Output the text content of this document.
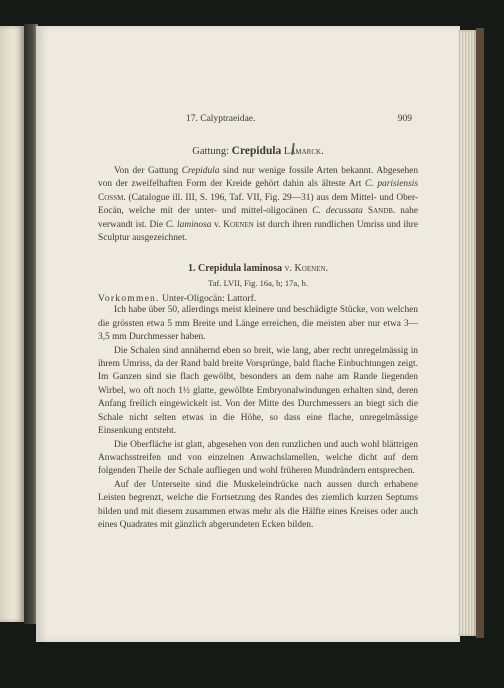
17. Calyptraeidae.	909
Gattung: Crepidula Lamarck.

Von der Gattung Crepidula sind nur wenige fossile Arten bekannt. Abgesehen von der zweifelhaften Form der Kreide gehört dahin als älteste Art C. parisiensis Cossm. (Catalogue ill. III, S. 196, Taf. VII, Fig. 29—31) aus dem Mittel- und Ober-Eocän, welche mit der unter- und mittel-oligocänen C. decussata Sandb. nahe verwandt ist. Die C. laminosa v. Koenen ist durch ihren rundlichen Umriss und ihre Sculptur ausgezeichnet.

1. Crepidula laminosa v. Koenen.
Taf. LVII, Fig. 16a, b; 17a, b.
Vorkommen. Unter-Oligocän: Lattorf.

Ich habe über 50, allerdings meist kleinere und beschädigte Stücke, von welchen die grössten etwa 5 mm Breite und Länge erreichen, die meisten aber nur etwa 3—3,5 mm Durchmesser haben.

Die Schalen sind annähernd eben so breit, wie lang, aber recht unregelmässig in ihrem Umriss, da der Rand bald breite Vorsprünge, bald flache Einbuchtungen zeigt. Im Ganzen sind sie flach gewölbt, besonders an dem nahe am Rande liegenden Wirbel, wo oft noch 1½ glatte, gewölbte Embryonalwindungen erhalten sind, deren Anfang freilich eingewickelt ist. Von der Mitte des Durchmessers an biegt sich die Schale nicht selten etwas in die Höhe, so dass eine flache, unregelmässige Einsenkung entsteht.

Die Oberfläche ist glatt, abgesehen von den runzlichen und auch wohl blättrigen Anwachsstreifen und von einzelnen Anwachslamellen, welche dicht auf dem folgenden Theile der Schale aufliegen und wohl früheren Mundrändern entsprechen.

Auf der Unterseite sind die Muskeleindrücke nach aussen durch erhabene Leisten begrenzt, welche die Fortsetzung des Randes des ziemlich kurzen Septums bilden und mit diesem zusammen etwas mehr als die Hälfte eines Kreises oder auch eines Quadrates mit gänzlich abgerundeten Ecken bilden.
